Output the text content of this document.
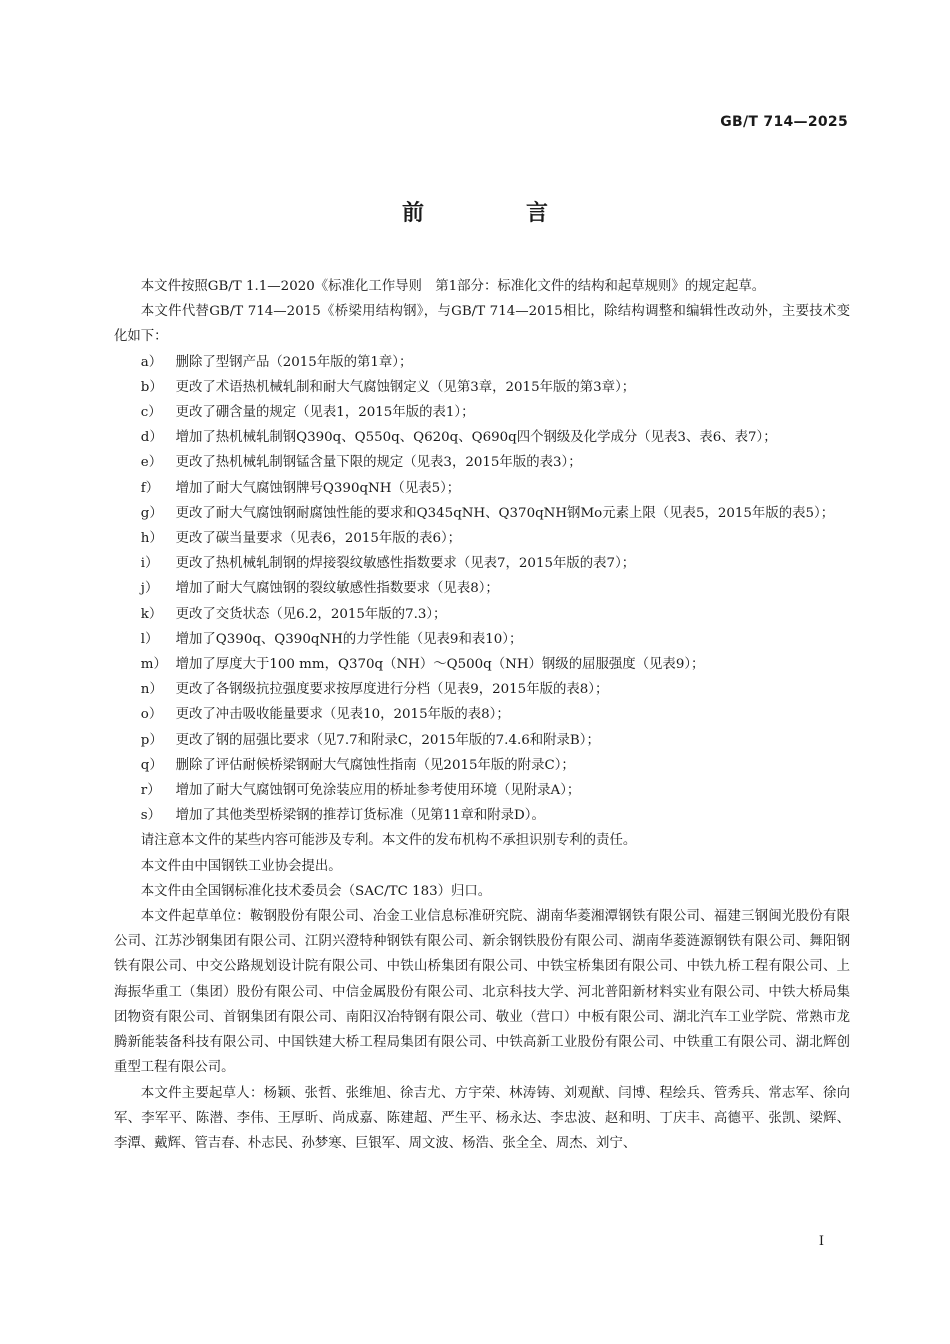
GB/T 714—2025
前　言

本文件按照GB/T 1.1—2020《标准化工作导则　第1部分：标准化文件的结构和起草规则》的规定起草。

本文件代替GB/T 714—2015《桥梁用结构钢》，与GB/T 714—2015相比，除结构调整和编辑性改动外，主要技术变化如下：

a）	删除了型钢产品（2015年版的第1章）；
b） 更改了术语热机械轧制和耐大气腐蚀钢定义（见第3章，2015年版的第3章）；
c）	更改了硼含量的规定（见表1，2015年版的表1）；
d） 增加了热机械轧制钢Q390q、Q550q、Q620q、Q690q四个钢级及化学成分（见表3、表6、表7）；
e）	更改了热机械轧制钢锰含量下限的规定（见表3，2015年版的表3）；
f）	增加了耐大气腐蚀钢牌号Q390qNH（见表5）；
g） 更改了耐大气腐蚀钢耐腐蚀性能的要求和Q345qNH、Q370qNH钢Mo元素上限（见表5，2015年版的表5）；
h） 更改了碳当量要求（见表6，2015年版的表6）；
i）	更改了热机械轧制钢的焊接裂纹敏感性指数要求（见表7，2015年版的表7）；
j）	增加了耐大气腐蚀钢的裂纹敏感性指数要求（见表8）；
k） 更改了交货状态（见6.2，2015年版的7.3）；
l）	增加了Q390q、Q390qNH的力学性能（见表9和表10）；
m） 增加了厚度大于100 mm，Q370q（NH）～Q500q（NH）钢级的屈服强度（见表9）；
n） 更改了各钢级抗拉强度要求按厚度进行分档（见表9，2015年版的表8）；
o） 更改了冲击吸收能量要求（见表10，2015年版的表8）；
p） 更改了钢的屈强比要求（见7.7和附录C，2015年版的7.4.6和附录B）；
q） 删除了评估耐候桥梁钢耐大气腐蚀性指南（见2015年版的附录C）；
r）	增加了耐大气腐蚀钢可免涂装应用的桥址参考使用环境（见附录A）；
s）	增加了其他类型桥梁钢的推荐订货标准（见第11章和附录D）。

请注意本文件的某些内容可能涉及专利。本文件的发布机构不承担识别专利的责任。

本文件由中国钢铁工业协会提出。

本文件由全国钢标准化技术委员会（SAC/TC 183）归口。

本文件起草单位：鞍钢股份有限公司、冶金工业信息标准研究院、湖南华菱湘潭钢铁有限公司、福建三钢闽光股份有限公司、江苏沙钢集团有限公司、江阴兴澄特种钢铁有限公司、新余钢铁股份有限公司、湖南华菱涟源钢铁有限公司、舞阳钢铁有限公司、中交公路规划设计院有限公司、中铁山桥集团有限公司、中铁宝桥集团有限公司、中铁九桥工程有限公司、上海振华重工（集团）股份有限公司、中信金属股份有限公司、北京科技大学、河北普阳新材料实业有限公司、中铁大桥局集团物资有限公司、首钢集团有限公司、南阳汉冶特钢有限公司、敬业（营口）中板有限公司、湖北汽车工业学院、常熟市龙腾新能装备科技有限公司、中国铁建大桥工程局集团有限公司、中铁高新工业股份有限公司、中铁重工有限公司、湖北辉创重型工程有限公司。

本文件主要起草人：杨颖、张哲、张维旭、徐吉尤、方宇荣、林涛铸、刘观猷、闫博、程绘兵、管秀兵、常志军、徐向军、李军平、陈潜、李伟、王厚昕、尚成嘉、陈建超、严生平、杨永达、李忠波、赵和明、丁庆丰、高德平、张凯、梁辉、李潭、戴辉、管吉春、朴志民、孙梦寒、巨银军、周文波、杨浩、张全全、周杰、刘宁、

I
